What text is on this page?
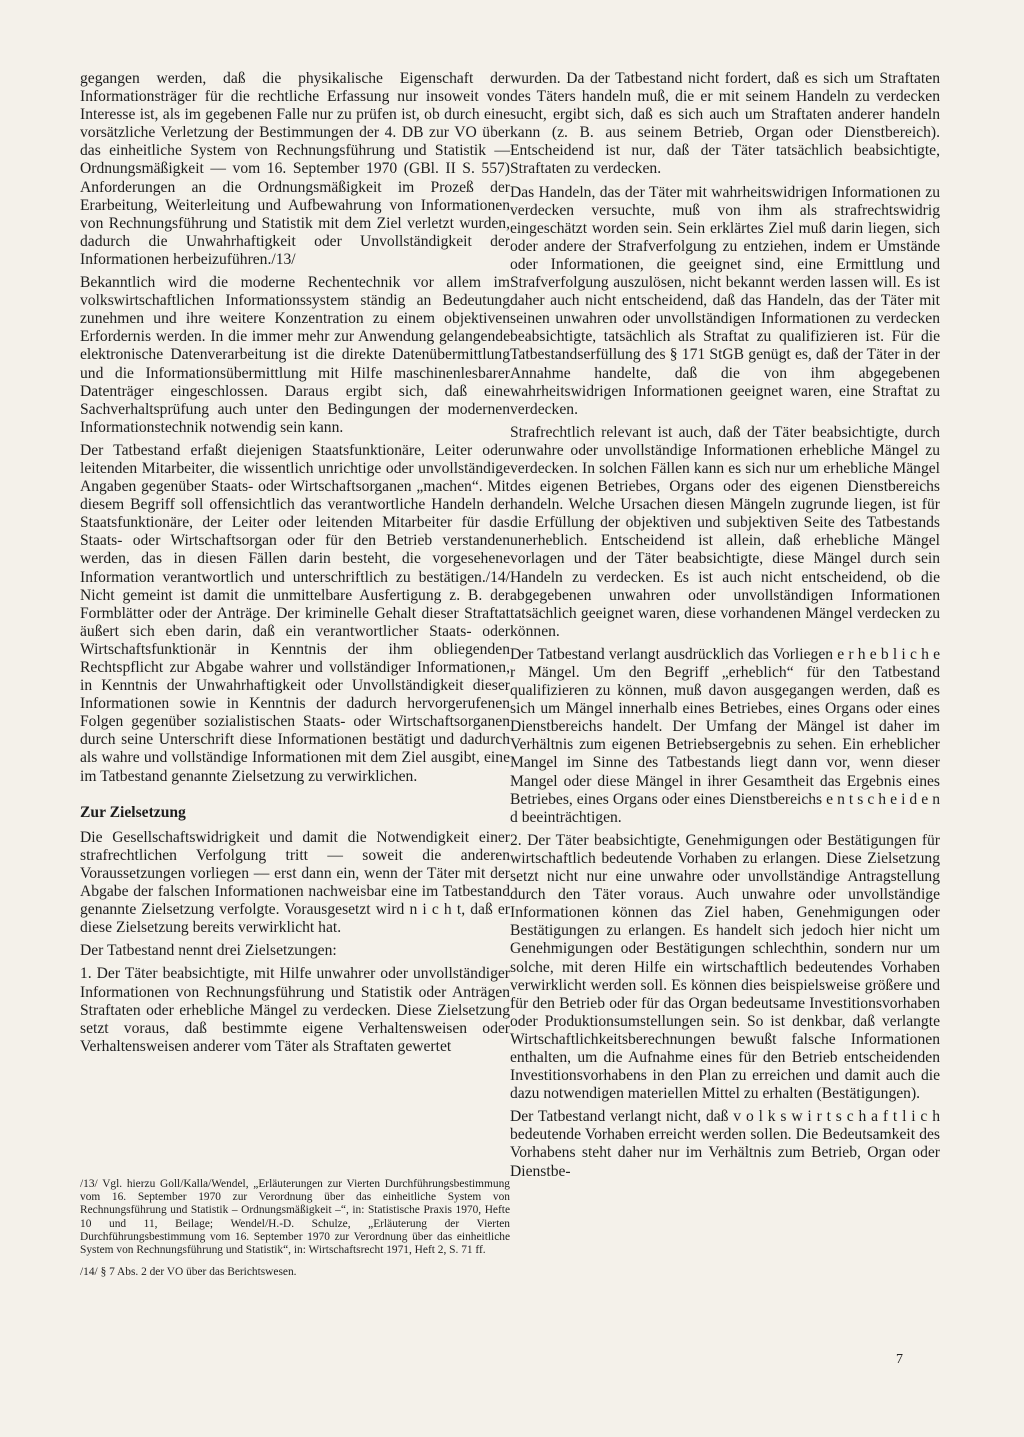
gegangen werden, daß die physikalische Eigenschaft der Informationsträger für die rechtliche Erfassung nur insoweit von Interesse ist, als im gegebenen Falle nur zu prüfen ist, ob durch eine vorsätzliche Verletzung der Bestimmungen der 4. DB zur VO über das einheitliche System von Rechnungsführung und Statistik — Ordnungsmäßigkeit — vom 16. September 1970 (GBl. II S. 557) Anforderungen an die Ordnungsmäßigkeit im Prozeß der Erarbeitung, Weiterleitung und Aufbewahrung von Informationen von Rechnungsführung und Statistik mit dem Ziel verletzt wurden, dadurch die Unwahrhaftigkeit oder Unvollständigkeit der Informationen herbeizuführen./13/

Bekanntlich wird die moderne Rechentechnik vor allem im volkswirtschaftlichen Informationssystem ständig an Bedeutung zunehmen und ihre weitere Konzentration zu einem objektiven Erfordernis werden. In die immer mehr zur Anwendung gelangende elektronische Datenverarbeitung ist die direkte Datenübermittlung und die Informationsübermittlung mit Hilfe maschinenlesbarer Datenträger eingeschlossen. Daraus ergibt sich, daß eine Sachverhaltsprüfung auch unter den Bedingungen der modernen Informationstechnik notwendig sein kann.

Der Tatbestand erfaßt diejenigen Staatsfunktionäre, Leiter oder leitenden Mitarbeiter, die wissentlich unrichtige oder unvollständige Angaben gegenüber Staats- oder Wirtschaftsorganen „machen“. Mit diesem Begriff soll offensichtlich das verantwortliche Handeln der Staatsfunktionäre, der Leiter oder leitenden Mitarbeiter für das Staats- oder Wirtschaftsorgan oder für den Betrieb verstanden werden, das in diesen Fällen darin besteht, die vorgesehene Information verantwortlich und unterschriftlich zu bestätigen./14/ Nicht gemeint ist damit die unmittelbare Ausfertigung z. B. der Formblätter oder der Anträge. Der kriminelle Gehalt dieser Straftat äußert sich eben darin, daß ein verantwortlicher Staats- oder Wirtschaftsfunktionär in Kenntnis der ihm obliegenden Rechtspflicht zur Abgabe wahrer und vollständiger Informationen, in Kenntnis der Unwahrhaftigkeit oder Unvollständigkeit dieser Informationen sowie in Kenntnis der dadurch hervorgerufenen Folgen gegenüber sozialistischen Staats- oder Wirtschaftsorganen durch seine Unterschrift diese Informationen bestätigt und dadurch als wahre und vollständige Informationen mit dem Ziel ausgibt, eine im Tatbestand genannte Zielsetzung zu verwirklichen.

Zur Zielsetzung

Die Gesellschaftswidrigkeit und damit die Notwendigkeit einer strafrechtlichen Verfolgung tritt — soweit die anderen Voraussetzungen vorliegen — erst dann ein, wenn der Täter mit der Abgabe der falschen Informationen nachweisbar eine im Tatbestand genannte Zielsetzung verfolgte. Vorausgesetzt wird n i c h t, daß er diese Zielsetzung bereits verwirklicht hat.

Der Tatbestand nennt drei Zielsetzungen:

1. Der Täter beabsichtigte, mit Hilfe unwahrer oder unvollständiger Informationen von Rechnungsführung und Statistik oder Anträgen Straftaten oder erhebliche Mängel zu verdecken. Diese Zielsetzung setzt voraus, daß bestimmte eigene Verhaltensweisen oder Verhaltensweisen anderer vom Täter als Straftaten gewertet

wurden. Da der Tatbestand nicht fordert, daß es sich um Straftaten des Täters handeln muß, die er mit seinem Handeln zu verdecken sucht, ergibt sich, daß es sich auch um Straftaten anderer handeln kann (z. B. aus seinem Betrieb, Organ oder Dienstbereich). Entscheidend ist nur, daß der Täter tatsächlich beabsichtigte, Straftaten zu verdecken.

Das Handeln, das der Täter mit wahrheitswidrigen Informationen zu verdecken versuchte, muß von ihm als strafrechtswidrig eingeschätzt worden sein. Sein erklärtes Ziel muß darin liegen, sich oder andere der Strafverfolgung zu entziehen, indem er Umstände oder Informationen, die geeignet sind, eine Ermittlung und Strafverfolgung auszulösen, nicht bekannt werden lassen will. Es ist daher auch nicht entscheidend, daß das Handeln, das der Täter mit seinen unwahren oder unvollständigen Informationen zu verdecken beabsichtigte, tatsächlich als Straftat zu qualifizieren ist. Für die Tatbestandserfüllung des § 171 StGB genügt es, daß der Täter in der Annahme handelte, daß die von ihm abgegebenen wahrheitswidrigen Informationen geeignet waren, eine Straftat zu verdecken.

Strafrechtlich relevant ist auch, daß der Täter beabsichtigte, durch unwahre oder unvollständige Informationen erhebliche Mängel zu verdecken. In solchen Fällen kann es sich nur um erhebliche Mängel des eigenen Betriebes, Organs oder des eigenen Dienstbereichs handeln. Welche Ursachen diesen Mängeln zugrunde liegen, ist für die Erfüllung der objektiven und subjektiven Seite des Tatbestands unerheblich. Entscheidend ist allein, daß erhebliche Mängel vorlagen und der Täter beabsichtigte, diese Mängel durch sein Handeln zu verdecken. Es ist auch nicht entscheidend, ob die abgegebenen unwahren oder unvollständigen Informationen tatsächlich geeignet waren, diese vorhandenen Mängel verdecken zu können.

Der Tatbestand verlangt ausdrücklich das Vorliegen e r h e b l i c h e r Mängel. Um den Begriff „erheblich“ für den Tatbestand qualifizieren zu können, muß davon ausgegangen werden, daß es sich um Mängel innerhalb eines Betriebes, eines Organs oder eines Dienstbereichs handelt. Der Umfang der Mängel ist daher im Verhältnis zum eigenen Betriebsergebnis zu sehen. Ein erheblicher Mangel im Sinne des Tatbestands liegt dann vor, wenn dieser Mangel oder diese Mängel in ihrer Gesamtheit das Ergebnis eines Betriebes, eines Organs oder eines Dienstbereichs e n t s c h e i d e n d beeinträchtigen.

2. Der Täter beabsichtigte, Genehmigungen oder Bestätigungen für wirtschaftlich bedeutende Vorhaben zu erlangen. Diese Zielsetzung setzt nicht nur eine unwahre oder unvollständige Antragstellung durch den Täter voraus. Auch unwahre oder unvollständige Informationen können das Ziel haben, Genehmigungen oder Bestätigungen zu erlangen. Es handelt sich jedoch hier nicht um Genehmigungen oder Bestätigungen schlechthin, sondern nur um solche, mit deren Hilfe ein wirtschaftlich bedeutendes Vorhaben verwirklicht werden soll. Es können dies beispielsweise größere und für den Betrieb oder für das Organ bedeutsame Investitionsvorhaben oder Produktionsumstellungen sein. So ist denkbar, daß verlangte Wirtschaftlichkeitsberechnungen bewußt falsche Informationen enthalten, um die Aufnahme eines für den Betrieb entscheidenden Investitionsvorhabens in den Plan zu erreichen und damit auch die dazu notwendigen materiellen Mittel zu erhalten (Bestätigungen).

Der Tatbestand verlangt nicht, daß v o l k s w i r t s c h a f t l i c h bedeutende Vorhaben erreicht werden sollen. Die Bedeutsamkeit des Vorhabens steht daher nur im Verhältnis zum Betrieb, Organ oder Dienstbe-

/13/ Vgl. hierzu Goll/Kalla/Wendel, „Erläuterungen zur Vierten Durchführungsbestimmung vom 16. September 1970 zur Verordnung über das einheitliche System von Rechnungsführung und Statistik – Ordnungsmäßigkeit –“, in: Statistische Praxis 1970, Hefte 10 und 11, Beilage; Wendel/H.-D. Schulze, „Erläuterung der Vierten Durchführungsbestimmung vom 16. September 1970 zur Verordnung über das einheitliche System von Rechnungsführung und Statistik“, in: Wirtschaftsrecht 1971, Heft 2, S. 71 ff.

/14/ § 7 Abs. 2 der VO über das Berichtswesen.

7
